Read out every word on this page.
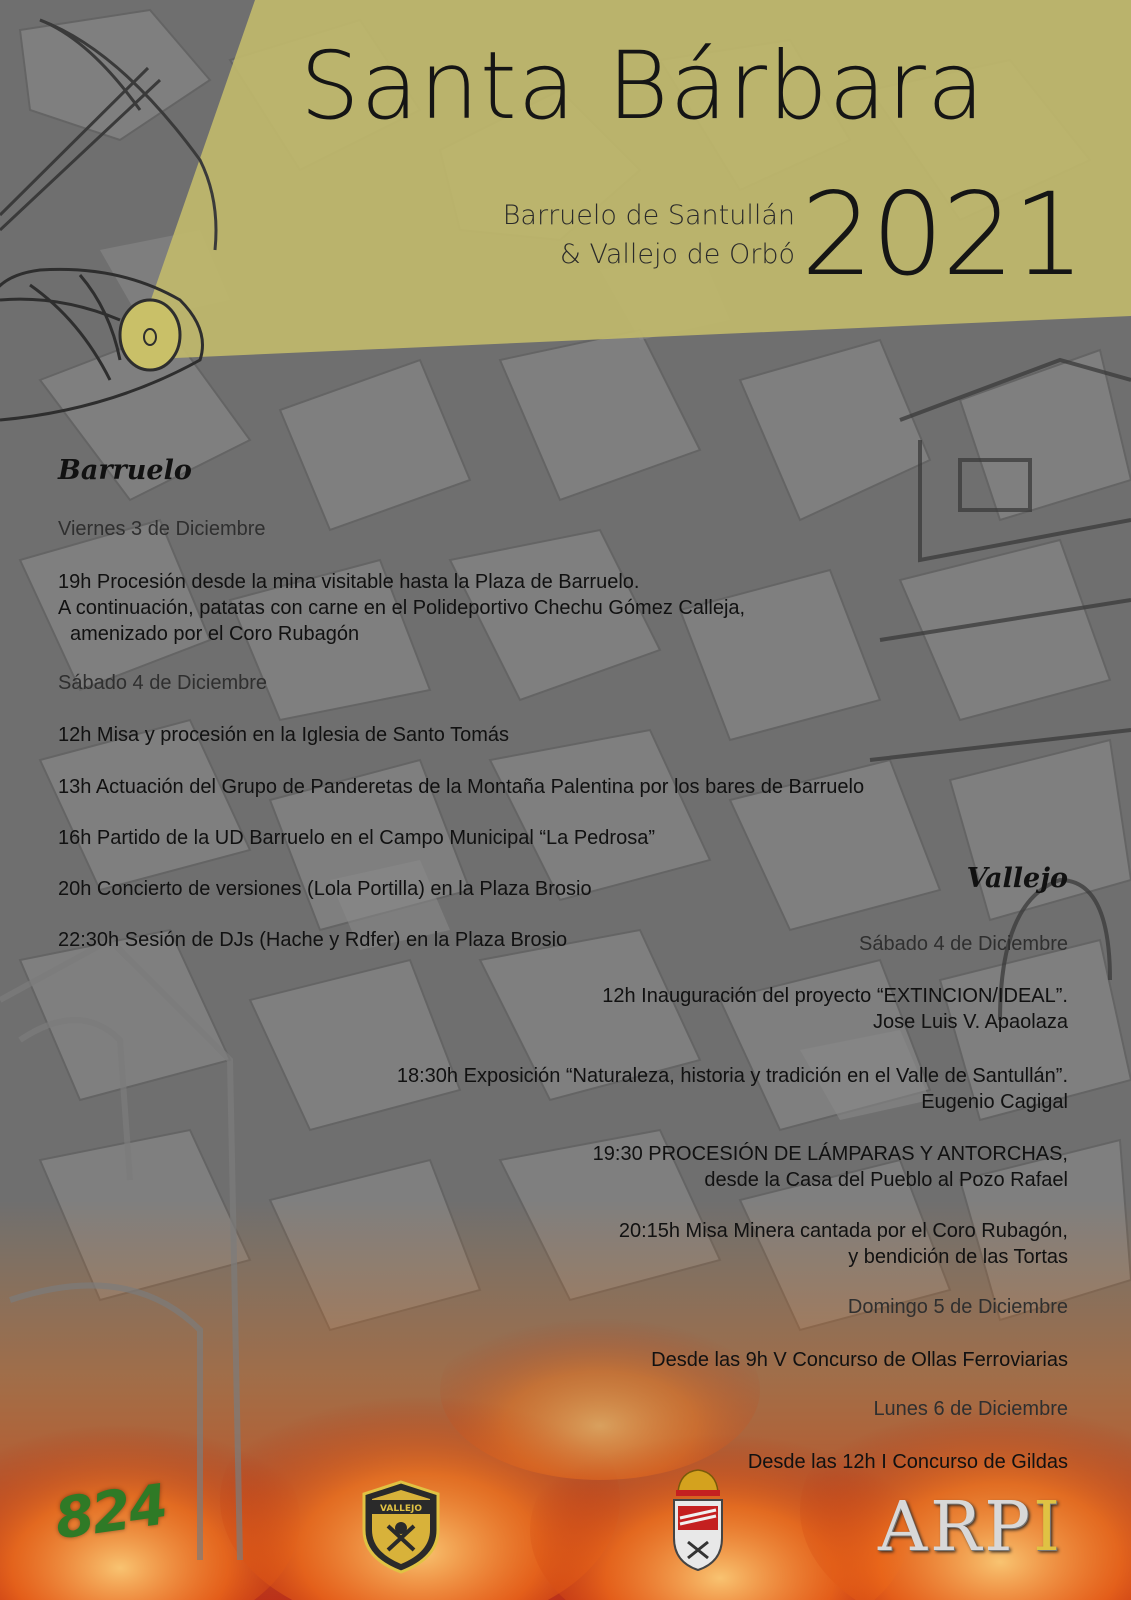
Santa Bárbara
Barruelo de Santullán
& Vallejo de Orbó 2021
Barruelo
Viernes 3 de Diciembre
19h Procesión desde la mina visitable hasta la Plaza de Barruelo.
A continuación, patatas con carne en el Polideportivo Chechu Gómez Calleja,
amenizado por el Coro Rubagón
Sábado 4 de Diciembre
12h Misa y procesión en la Iglesia de Santo Tomás
13h Actuación del Grupo de Panderetas de la Montaña Palentina por los bares de Barruelo
16h Partido de la UD Barruelo en el Campo Municipal “La Pedrosa”
20h Concierto de versiones (Lola Portilla) en la Plaza Brosio
22:30h Sesión de DJs (Hache y Rdfer) en la Plaza Brosio
Vallejo
Sábado 4 de Diciembre
12h Inauguración del proyecto “EXTINCION/IDEAL”.
Jose Luis V. Apaolaza
18:30h Exposición “Naturaleza, historia y tradición en el Valle de Santullán”.
Eugenio Cagigal
19:30 PROCESIÓN DE LÁMPARAS Y ANTORCHAS,
desde la Casa del Pueblo al Pozo Rafael
20:15h Misa Minera cantada por el Coro Rubagón,
y bendición de las Tortas
Domingo 5 de Diciembre
Desde las 9h V Concurso de Ollas Ferroviarias
Lunes 6 de Diciembre
Desde las 12h I Concurso de Gildas
824	VALLEJO	ARPI
